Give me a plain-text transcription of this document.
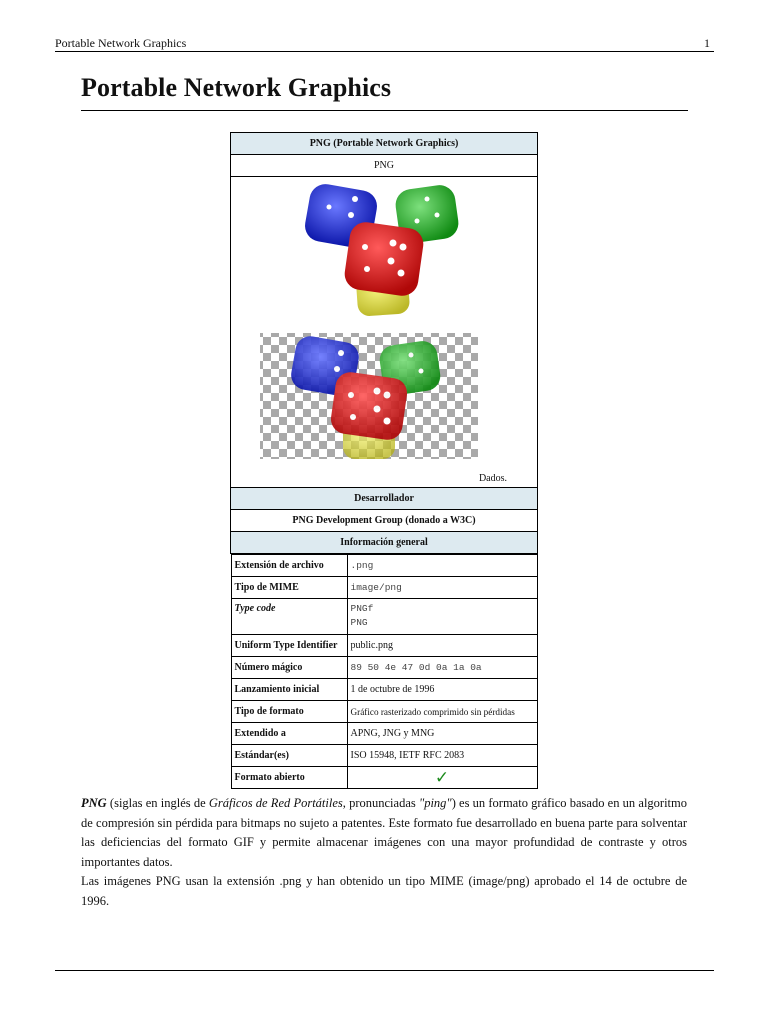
Portable Network Graphics	1
Portable Network Graphics
PNG (Portable Network Graphics)
PNG

Dados.

Desarrollador
PNG Development Group (donado a W3C)
Información general

Extensión de archivo	.png
Tipo de MIME	image/png
Type code	PNGf
PNG

Uniform Type Identifier	public.png
Número mágico	89 50 4e 47 0d 0a 1a 0a
Lanzamiento inicial	1 de octubre de 1996
Tipo de formato	Gráfico rasterizado comprimido sin pérdidas
Extendido a	APNG, JNG y MNG
Estándar(es)	ISO 15948, IETF RFC 2083
Formato abierto	✓

PNG (siglas en inglés de Gráficos de Red Portátiles, pronunciadas "ping") es un formato gráfico basado en un algoritmo de compresión sin pérdida para bitmaps no sujeto a patentes. Este formato fue desarrollado en buena parte para solventar las deficiencias del formato GIF y permite almacenar imágenes con una mayor profundidad de contraste y otros importantes datos.

Las imágenes PNG usan la extensión .png y han obtenido un tipo MIME (image/png) aprobado el 14 de octubre de 1996.
